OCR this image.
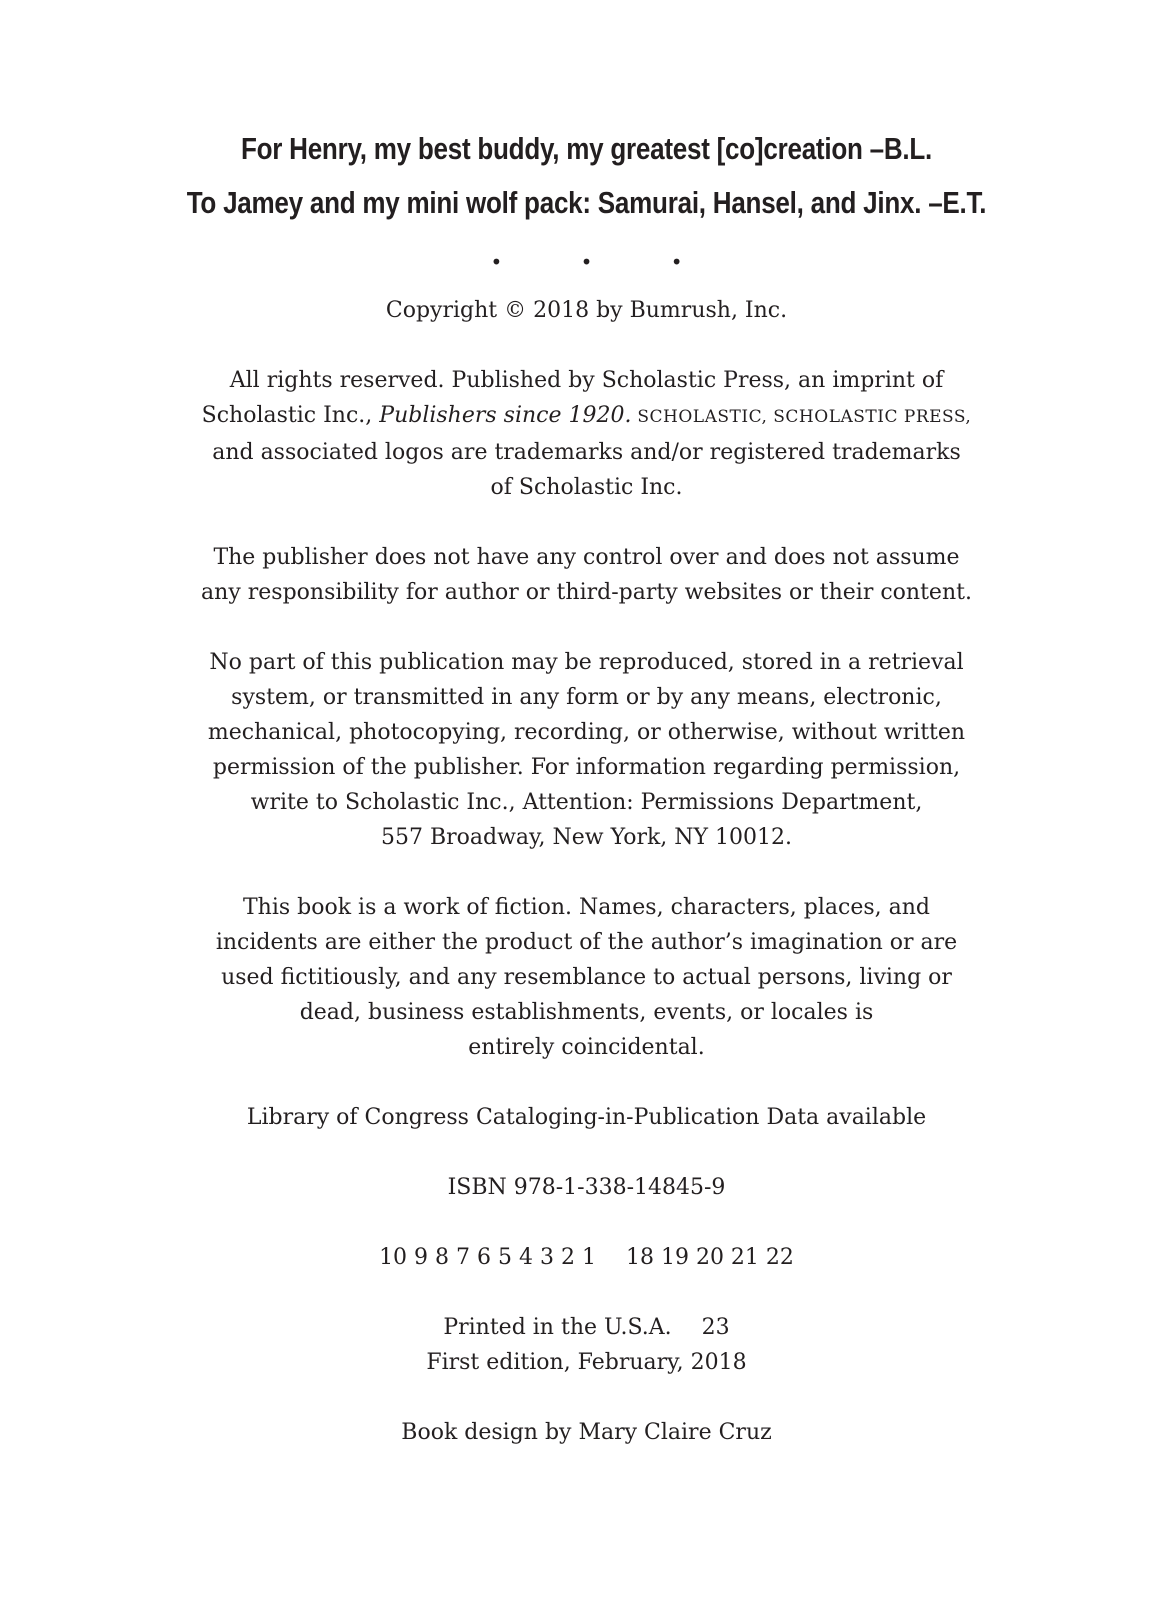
For Henry, my best buddy, my greatest [co]creation –B.L.
To Jamey and my mini wolf pack: Samurai, Hansel, and Jinx. –E.T.
• • •

Copyright © 2018 by Bumrush, Inc.

All rights reserved. Published by Scholastic Press, an imprint of

Scholastic Inc., Publishers since 1920. SCHOLASTIC, SCHOLASTIC PRESS,

and associated logos are trademarks and/or registered trademarks

of Scholastic Inc.

The publisher does not have any control over and does not assume

any responsibility for author or third-party websites or their content.

No part of this publication may be reproduced, stored in a retrieval

system, or transmitted in any form or by any means, electronic,

mechanical, photocopying, recording, or otherwise, without written

permission of the publisher. For information regarding permission,

write to Scholastic Inc., Attention: Permissions Department,

557 Broadway, New York, NY 10012.

This book is a work of fiction. Names, characters, places, and

incidents are either the product of the author’s imagination or are

used fictitiously, and any resemblance to actual persons, living or

dead, business establishments, events, or locales is

entirely coincidental.

Library of Congress Cataloging-in-Publication Data available

ISBN 978-1-338-14845-9

10 9 8 7 6 5 4 3 2 1 18 19 20 21 22

Printed in the U.S.A. 23

First edition, February, 2018

Book design by Mary Claire Cruz
